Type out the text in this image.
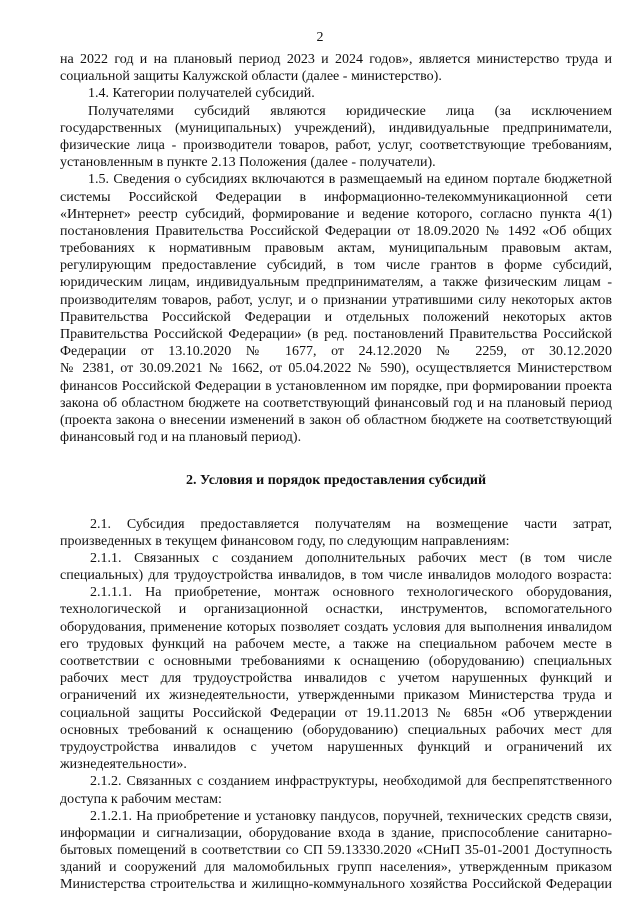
2
на 2022 год и на плановый период 2023 и 2024 годов», является министерство труда и
социальной защиты Калужской области (далее - министерство).
1.4. Категории получателей субсидий.
Получателями субсидий являются юридические лица (за исключением
государственных (муниципальных) учреждений), индивидуальные предприниматели,
физические лица - производители товаров, работ, услуг, соответствующие требованиям,
установленным в пункте 2.13 Положения (далее - получатели).
1.5. Сведения о субсидиях включаются в размещаемый на едином портале бюджетной
системы Российской Федерации в информационно-телекоммуникационной сети
«Интернет» реестр субсидий, формирование и ведение которого, согласно пункта 4(1)
постановления Правительства Российской Федерации от 18.09.2020 № 1492 «Об общих
требованиях к нормативным правовым актам, муниципальным правовым актам,
регулирующим предоставление субсидий, в том числе грантов в форме субсидий,
юридическим лицам, индивидуальным предпринимателям, а также физическим лицам -
производителям товаров, работ, услуг, и о признании утратившими силу некоторых актов
Правительства Российской Федерации и отдельных положений некоторых актов
Правительства Российской Федерации» (в ред. постановлений Правительства Российской
Федерации от 13.10.2020 № 1677, от 24.12.2020 № 2259, от 30.12.2020
№ 2381, от 30.09.2021 № 1662, от 05.04.2022 № 590), осуществляется Министерством
финансов Российской Федерации в установленном им порядке, при формировании проекта
закона об областном бюджете на соответствующий финансовый год и на плановый период
(проекта закона о внесении изменений в закон об областном бюджете на соответствующий
финансовый год и на плановый период).
2. Условия и порядок предоставления субсидий
2.1. Субсидия предоставляется получателям на возмещение части затрат,
произведенных в текущем финансовом году, по следующим направлениям:
2.1.1. Связанных с созданием дополнительных рабочих мест (в том числе
специальных) для трудоустройства инвалидов, в том числе инвалидов молодого возраста:
2.1.1.1. На приобретение, монтаж основного технологического оборудования,
технологической и организационной оснастки, инструментов, вспомогательного
оборудования, применение которых позволяет создать условия для выполнения инвалидом
его трудовых функций на рабочем месте, а также на специальном рабочем месте в
соответствии с основными требованиями к оснащению (оборудованию) специальных
рабочих мест для трудоустройства инвалидов с учетом нарушенных функций и
ограничений их жизнедеятельности, утвержденными приказом Министерства труда и
социальной защиты Российской Федерации от 19.11.2013 № 685н «Об утверждении
основных требований к оснащению (оборудованию) специальных рабочих мест для
трудоустройства инвалидов с учетом нарушенных функций и ограничений их
жизнедеятельности».
2.1.2. Связанных с созданием инфраструктуры, необходимой для беспрепятственного
доступа к рабочим местам:
2.1.2.1. На приобретение и установку пандусов, поручней, технических средств связи,
информации и сигнализации, оборудование входа в здание, приспособление санитарно-
бытовых помещений в соответствии со СП 59.13330.2020 «СНиП 35-01-2001 Доступность
зданий и сооружений для маломобильных групп населения», утвержденным приказом
Министерства строительства и жилищно-коммунального хозяйства Российской Федерации
